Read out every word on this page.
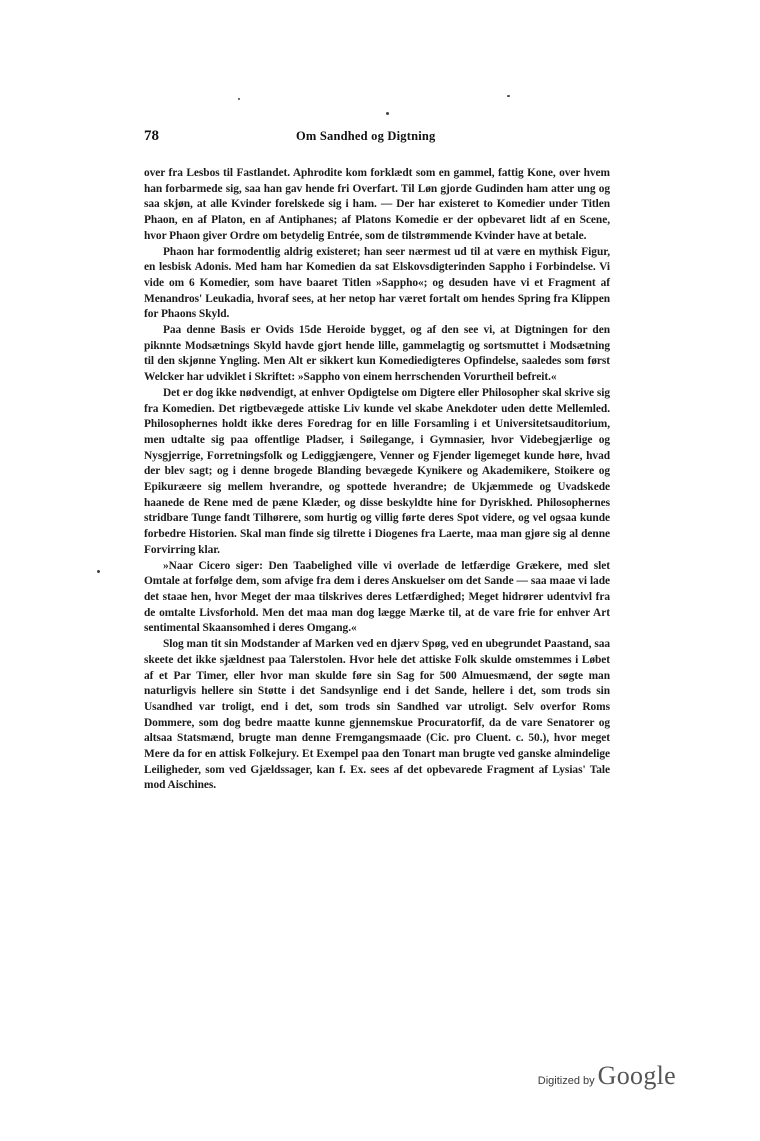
78	Om Sandhed og Digtning

over fra Lesbos til Fastlandet. Aphrodite kom forklædt som en gammel, fattig Kone, over hvem han forbarmede sig, saa han gav hende fri Overfart. Til Løn gjorde Gudinden ham atter ung og saa skjøn, at alle Kvinder forelskede sig i ham. — Der har existeret to Komedier under Titlen Phaon, en af Platon, en af Antiphanes; af Platons Komedie er der opbevaret lidt af en Scene, hvor Phaon giver Ordre om betydelig Entrée, som de tilstrømmende Kvinder have at betale.

Phaon har formodentlig aldrig existeret; han seer nærmest ud til at være en mythisk Figur, en lesbisk Adonis. Med ham har Komedien da sat Elskovsdigterinden Sappho i Forbindelse. Vi vide om 6 Komedier, som have baaret Titlen »Sappho«; og desuden have vi et Fragment af Menandros' Leukadia, hvoraf sees, at her netop har været fortalt om hendes Spring fra Klippen for Phaons Skyld.

Paa denne Basis er Ovids 15de Heroide bygget, og af den see vi, at Digtningen for den piknnte Modsætnings Skyld havde gjort hende lille, gammelagtig og sortsmuttet i Modsætning til den skjønne Yngling. Men Alt er sikkert kun Komediedigteres Opfindelse, saaledes som først Welcker har udviklet i Skriftet: »Sappho von einem herrschenden Vorurtheil befreit.«

Det er dog ikke nødvendigt, at enhver Opdigtelse om Digtere eller Philosopher skal skrive sig fra Komedien. Det rigtbevægede attiske Liv kunde vel skabe Anekdoter uden dette Mellemled. Philosophernes holdt ikke deres Foredrag for en lille Forsamling i et Universitetsauditorium, men udtalte sig paa offentlige Pladser, i Søilegange, i Gymnasier, hvor Videbegjærlige og Nysgjerrige, Forretningsfolk og Lediggjængere, Venner og Fjender ligemeget kunde høre, hvad der blev sagt; og i denne brogede Blanding bevægede Kynikere og Akademikere, Stoikere og Epikuræere sig mellem hverandre, og spottede hverandre; de Ukjæmmede og Uvadskede haanede de Rene med de pæne Klæder, og disse beskyldte hine for Dyriskhed. Philosophernes stridbare Tunge fandt Tilhørere, som hurtig og villig førte deres Spot videre, og vel ogsaa kunde forbedre Historien. Skal man finde sig tilrette i Diogenes fra Laerte, maa man gjøre sig al denne Forvirring klar.

»Naar Cicero siger: Den Taabelighed ville vi overlade de letfærdige Grækere, med slet Omtale at forfølge dem, som afvige fra dem i deres Anskuelser om det Sande — saa maae vi lade det staae hen, hvor Meget der maa tilskrives deres Letfærdighed; Meget hidrører udentvivl fra de omtalte Livsforhold. Men det maa man dog lægge Mærke til, at de vare frie for enhver Art sentimental Skaansomhed i deres Omgang.«

Slog man tit sin Modstander af Marken ved en djærv Spøg, ved en ubegrundet Paastand, saa skeete det ikke sjældnest paa Talerstolen. Hvor hele det attiske Folk skulde omstemmes i Løbet af et Par Timer, eller hvor man skulde føre sin Sag for 500 Almuesmænd, der søgte man naturligvis hellere sin Støtte i det Sandsynlige end i det Sande, hellere i det, som trods sin Usandhed var troligt, end i det, som trods sin Sandhed var utroligt. Selv overfor Roms Dommere, som dog bedre maatte kunne gjennemskue Procuratorfif, da de vare Senatorer og altsaa Statsmænd, brugte man denne Fremgangsmaade (Cic. pro Cluent. c. 50.), hvor meget Mere da for en attisk Folkejury. Et Exempel paa den Tonart man brugte ved ganske almindelige Leiligheder, som ved Gjældssager, kan f. Ex. sees af det opbevarede Fragment af Lysias' Tale mod Aischines.

Digitized by Google
